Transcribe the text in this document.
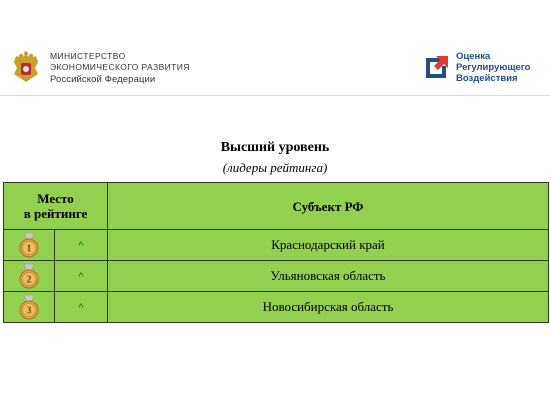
МИНИСТЕРСТВО
ЭКОНОМИЧЕСКОГО РАЗВИТИЯ
Российской Федерации
Оценка
Регулирующего
Воздействия
Высший уровень
(лидеры рейтинга)
Место
в рейтинге		Субъект РФ

1	^	Краснодарский край

2	^	Ульяновская область

3	^	Новосибирская область
